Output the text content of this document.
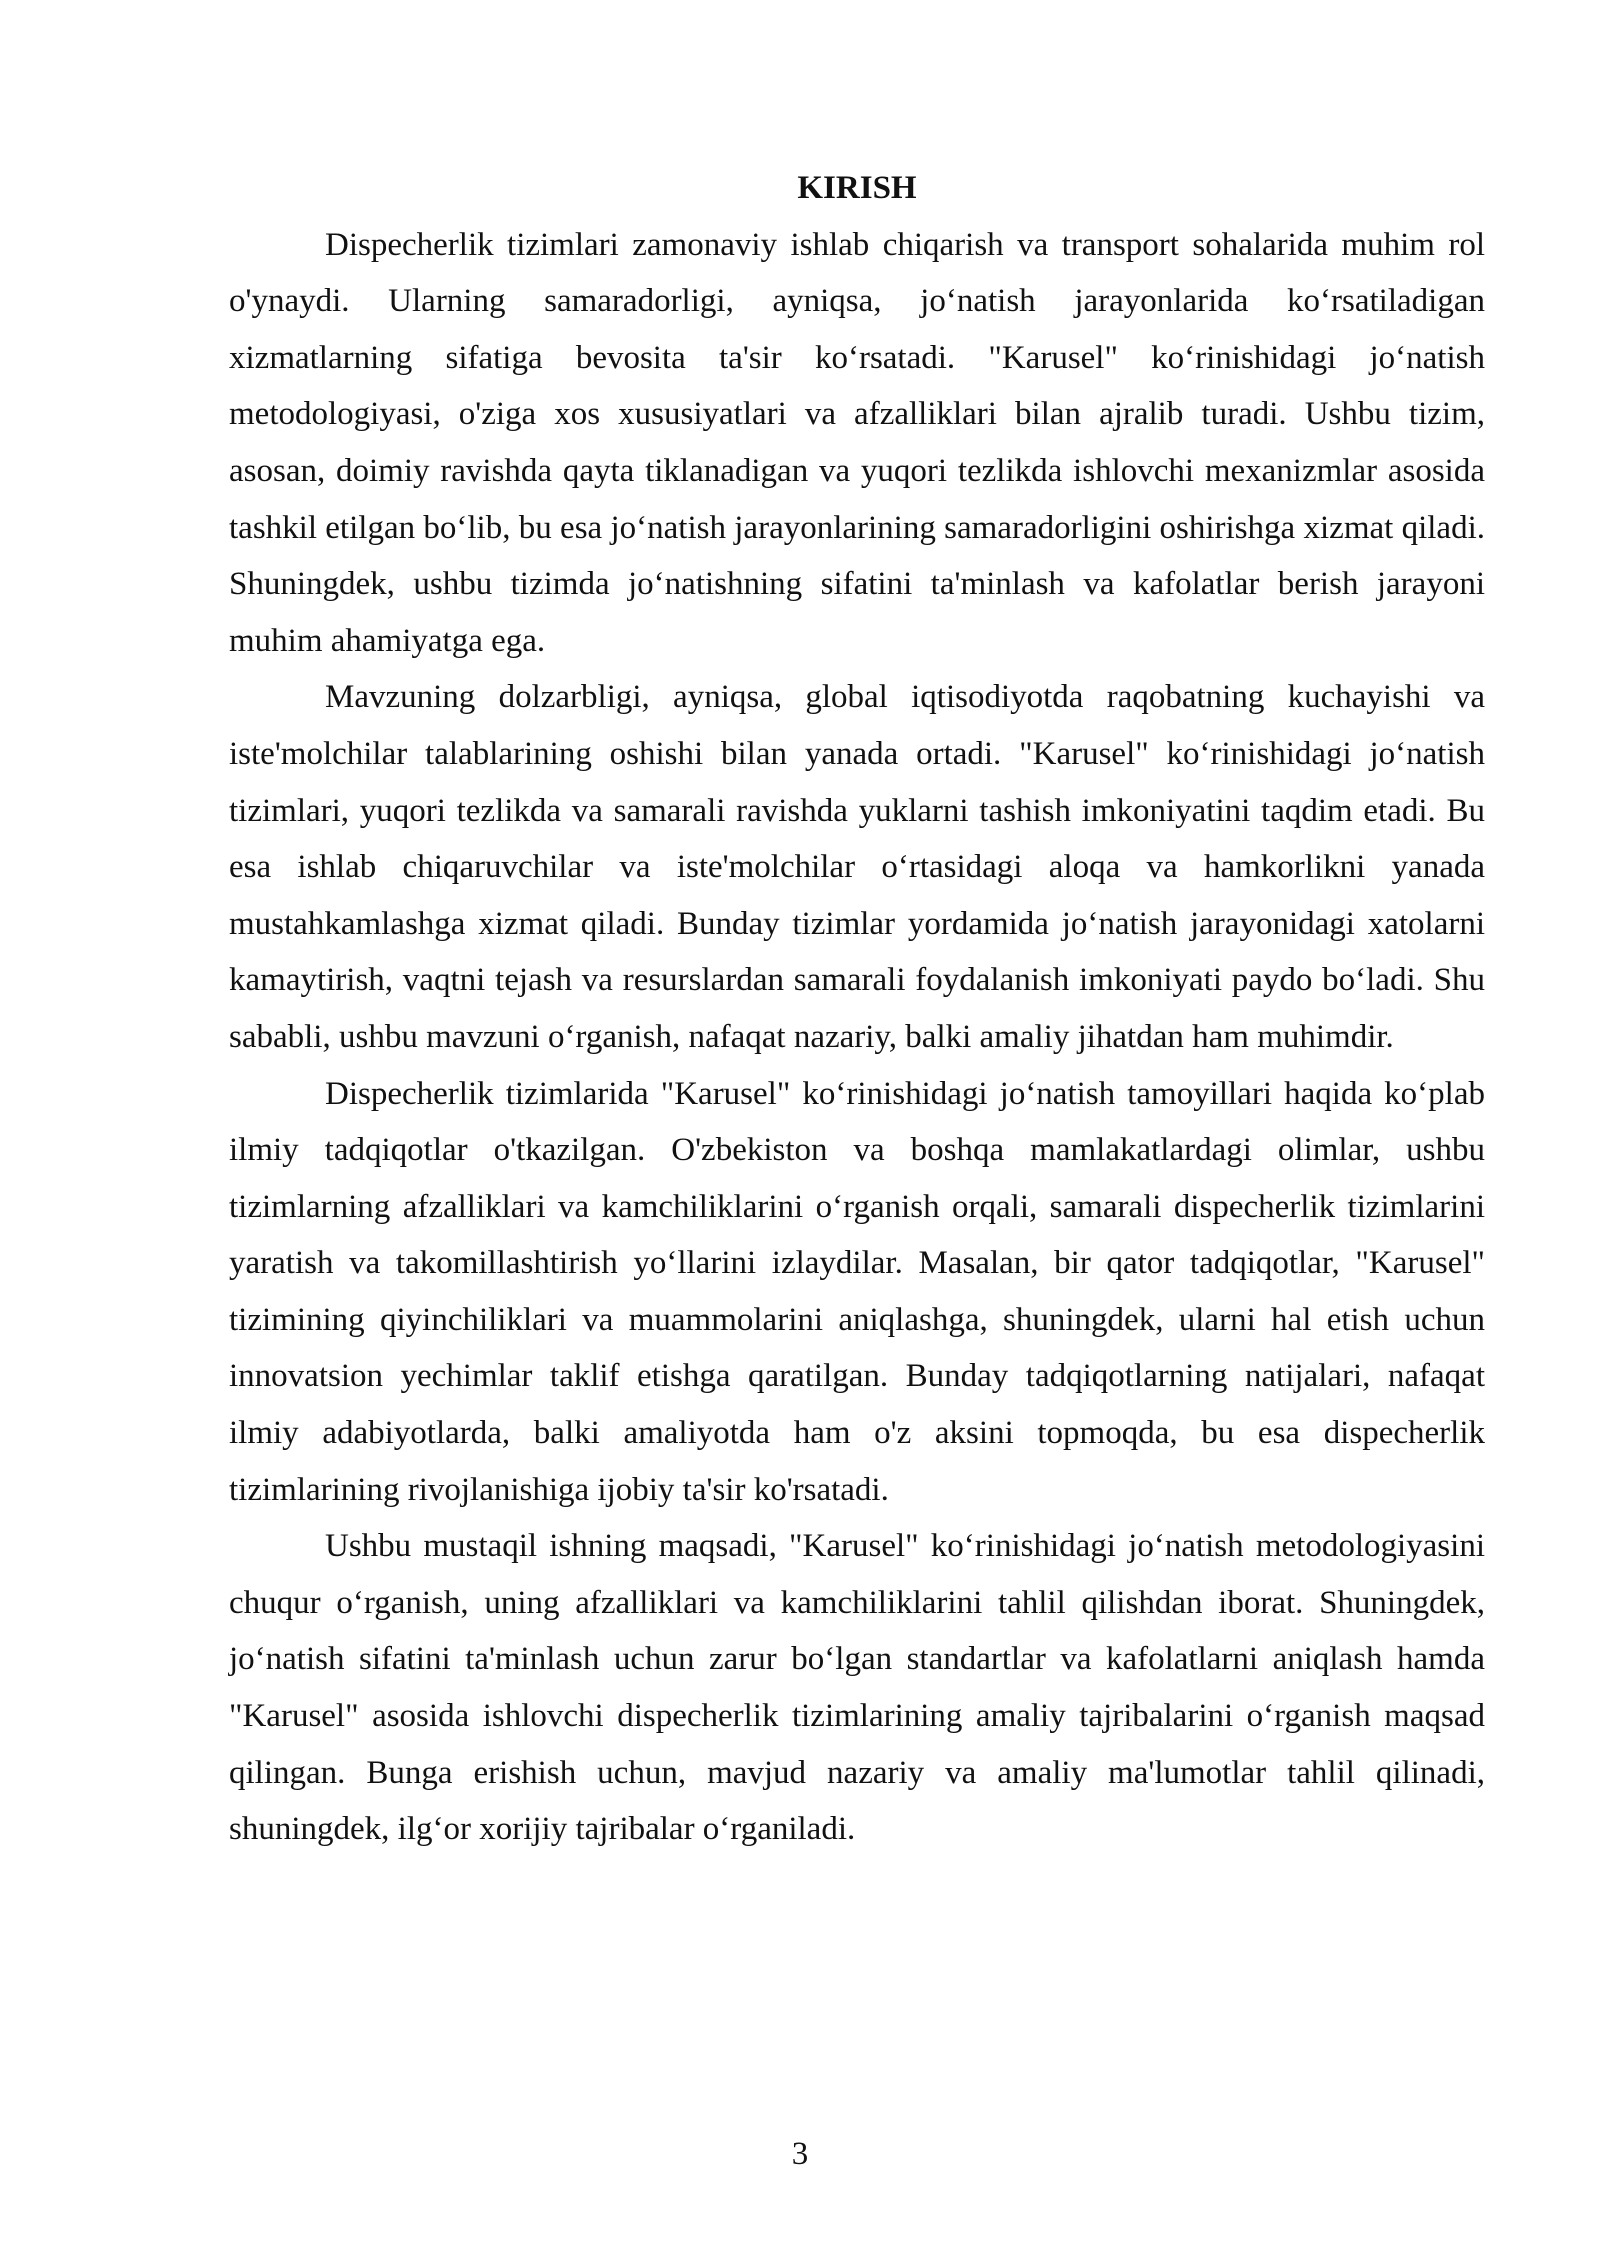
KIRISH

Dispecherlik tizimlari zamonaviy ishlab chiqarish va transport sohalarida muhim rol o'ynaydi. Ularning samaradorligi, ayniqsa, jo‘natish jarayonlarida ko‘rsatiladigan xizmatlarning sifatiga bevosita ta'sir ko‘rsatadi. "Karusel" ko‘rinishidagi jo‘natish metodologiyasi, o'ziga xos xususiyatlari va afzalliklari bilan ajralib turadi. Ushbu tizim, asosan, doimiy ravishda qayta tiklanadigan va yuqori tezlikda ishlovchi mexanizmlar asosida tashkil etilgan bo‘lib, bu esa jo‘natish jarayonlarining samaradorligini oshirishga xizmat qiladi. Shuningdek, ushbu tizimda jo‘natishning sifatini ta'minlash va kafolatlar berish jarayoni muhim ahamiyatga ega.

Mavzuning dolzarbligi, ayniqsa, global iqtisodiyotda raqobatning kuchayishi va iste'molchilar talablarining oshishi bilan yanada ortadi. "Karusel" ko‘rinishidagi jo‘natish tizimlari, yuqori tezlikda va samarali ravishda yuklarni tashish imkoniyatini taqdim etadi. Bu esa ishlab chiqaruvchilar va iste'molchilar o‘rtasidagi aloqa va hamkorlikni yanada mustahkamlashga xizmat qiladi. Bunday tizimlar yordamida jo‘natish jarayonidagi xatolarni kamaytirish, vaqtni tejash va resurslardan samarali foydalanish imkoniyati paydo bo‘ladi. Shu sababli, ushbu mavzuni o‘rganish, nafaqat nazariy, balki amaliy jihatdan ham muhimdir.

Dispecherlik tizimlarida "Karusel" ko‘rinishidagi jo‘natish tamoyillari haqida ko‘plab ilmiy tadqiqotlar o'tkazilgan. O'zbekiston va boshqa mamlakatlardagi olimlar, ushbu tizimlarning afzalliklari va kamchiliklarini o‘rganish orqali, samarali dispecherlik tizimlarini yaratish va takomillashtirish yo‘llarini izlaydilar. Masalan, bir qator tadqiqotlar, "Karusel" tizimining qiyinchiliklari va muammolarini aniqlashga, shuningdek, ularni hal etish uchun innovatsion yechimlar taklif etishga qaratilgan. Bunday tadqiqotlarning natijalari, nafaqat ilmiy adabiyotlarda, balki amaliyotda ham o'z aksini topmoqda, bu esa dispecherlik tizimlarining rivojlanishiga ijobiy ta'sir ko'rsatadi.

Ushbu mustaqil ishning maqsadi, "Karusel" ko‘rinishidagi jo‘natish metodologiyasini chuqur o‘rganish, uning afzalliklari va kamchiliklarini tahlil qilishdan iborat. Shuningdek, jo‘natish sifatini ta'minlash uchun zarur bo‘lgan standartlar va kafolatlarni aniqlash hamda "Karusel" asosida ishlovchi dispecherlik tizimlarining amaliy tajribalarini o‘rganish maqsad qilingan. Bunga erishish uchun, mavjud nazariy va amaliy ma'lumotlar tahlil qilinadi, shuningdek, ilg‘or xorijiy tajribalar o‘rganiladi.

3
